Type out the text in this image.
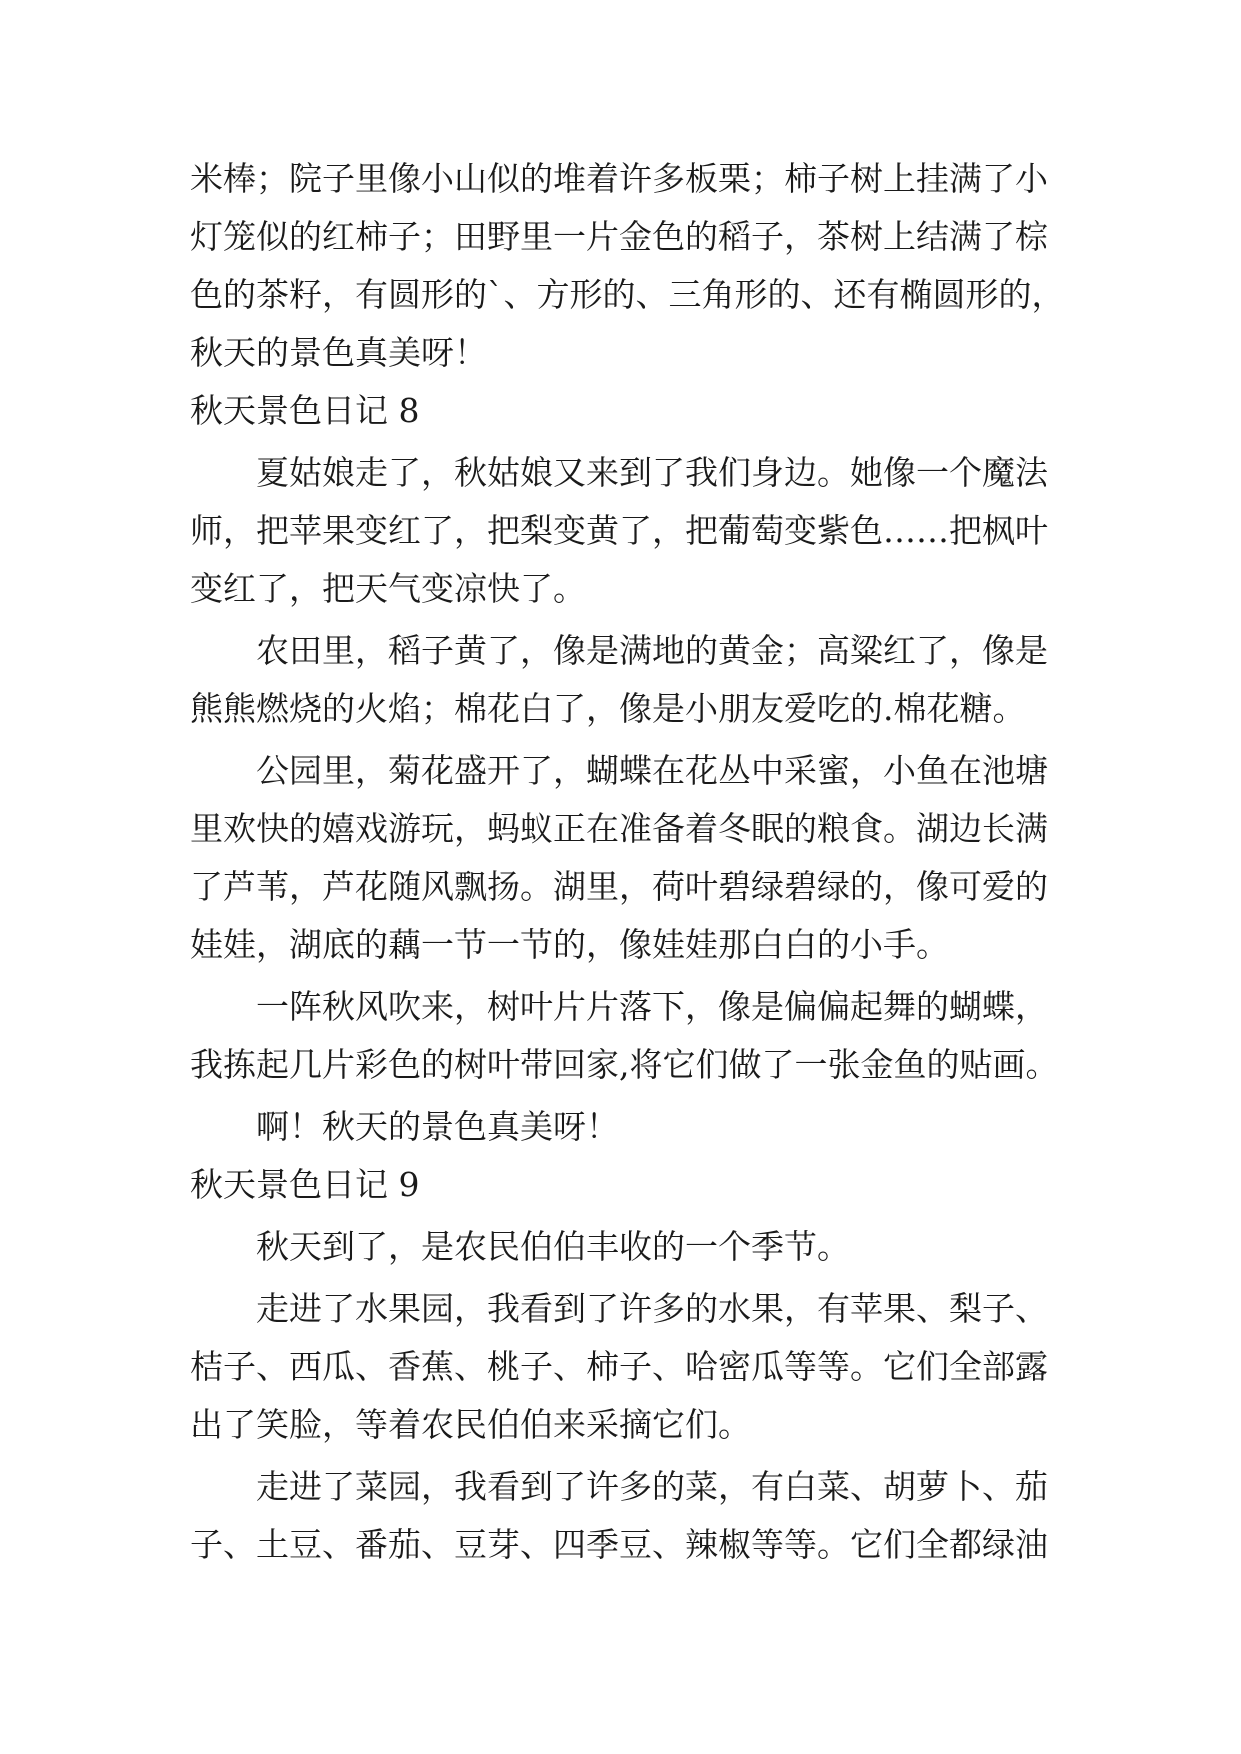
米棒；院子里像小山似的堆着许多板栗；柿子树上挂满了小
灯笼似的红柿子；田野里一片金色的稻子，茶树上结满了棕
色的茶籽，有圆形的`、方形的、三角形的、还有椭圆形的，
秋天的景色真美呀！
秋天景色日记 8
夏姑娘走了，秋姑娘又来到了我们身边。她像一个魔法
师，把苹果变红了，把梨变黄了，把葡萄变紫色……把枫叶
变红了，把天气变凉快了。
农田里，稻子黄了，像是满地的黄金；高粱红了，像是
熊熊燃烧的火焰；棉花白了，像是小朋友爱吃的.棉花糖。
公园里，菊花盛开了，蝴蝶在花丛中采蜜，小鱼在池塘
里欢快的嬉戏游玩，蚂蚁正在准备着冬眠的粮食。湖边长满
了芦苇，芦花随风飘扬。湖里，荷叶碧绿碧绿的，像可爱的
娃娃，湖底的藕一节一节的，像娃娃那白白的小手。
一阵秋风吹来，树叶片片落下，像是偏偏起舞的蝴蝶，
我拣起几片彩色的树叶带回家,将它们做了一张金鱼的贴画。
啊！秋天的景色真美呀！
秋天景色日记 9
秋天到了，是农民伯伯丰收的一个季节。
走进了水果园，我看到了许多的水果，有苹果、梨子、
桔子、西瓜、香蕉、桃子、柿子、哈密瓜等等。它们全部露
出了笑脸，等着农民伯伯来采摘它们。
走进了菜园，我看到了许多的菜，有白菜、胡萝卜、茄
子、土豆、番茄、豆芽、四季豆、辣椒等等。它们全都绿油
